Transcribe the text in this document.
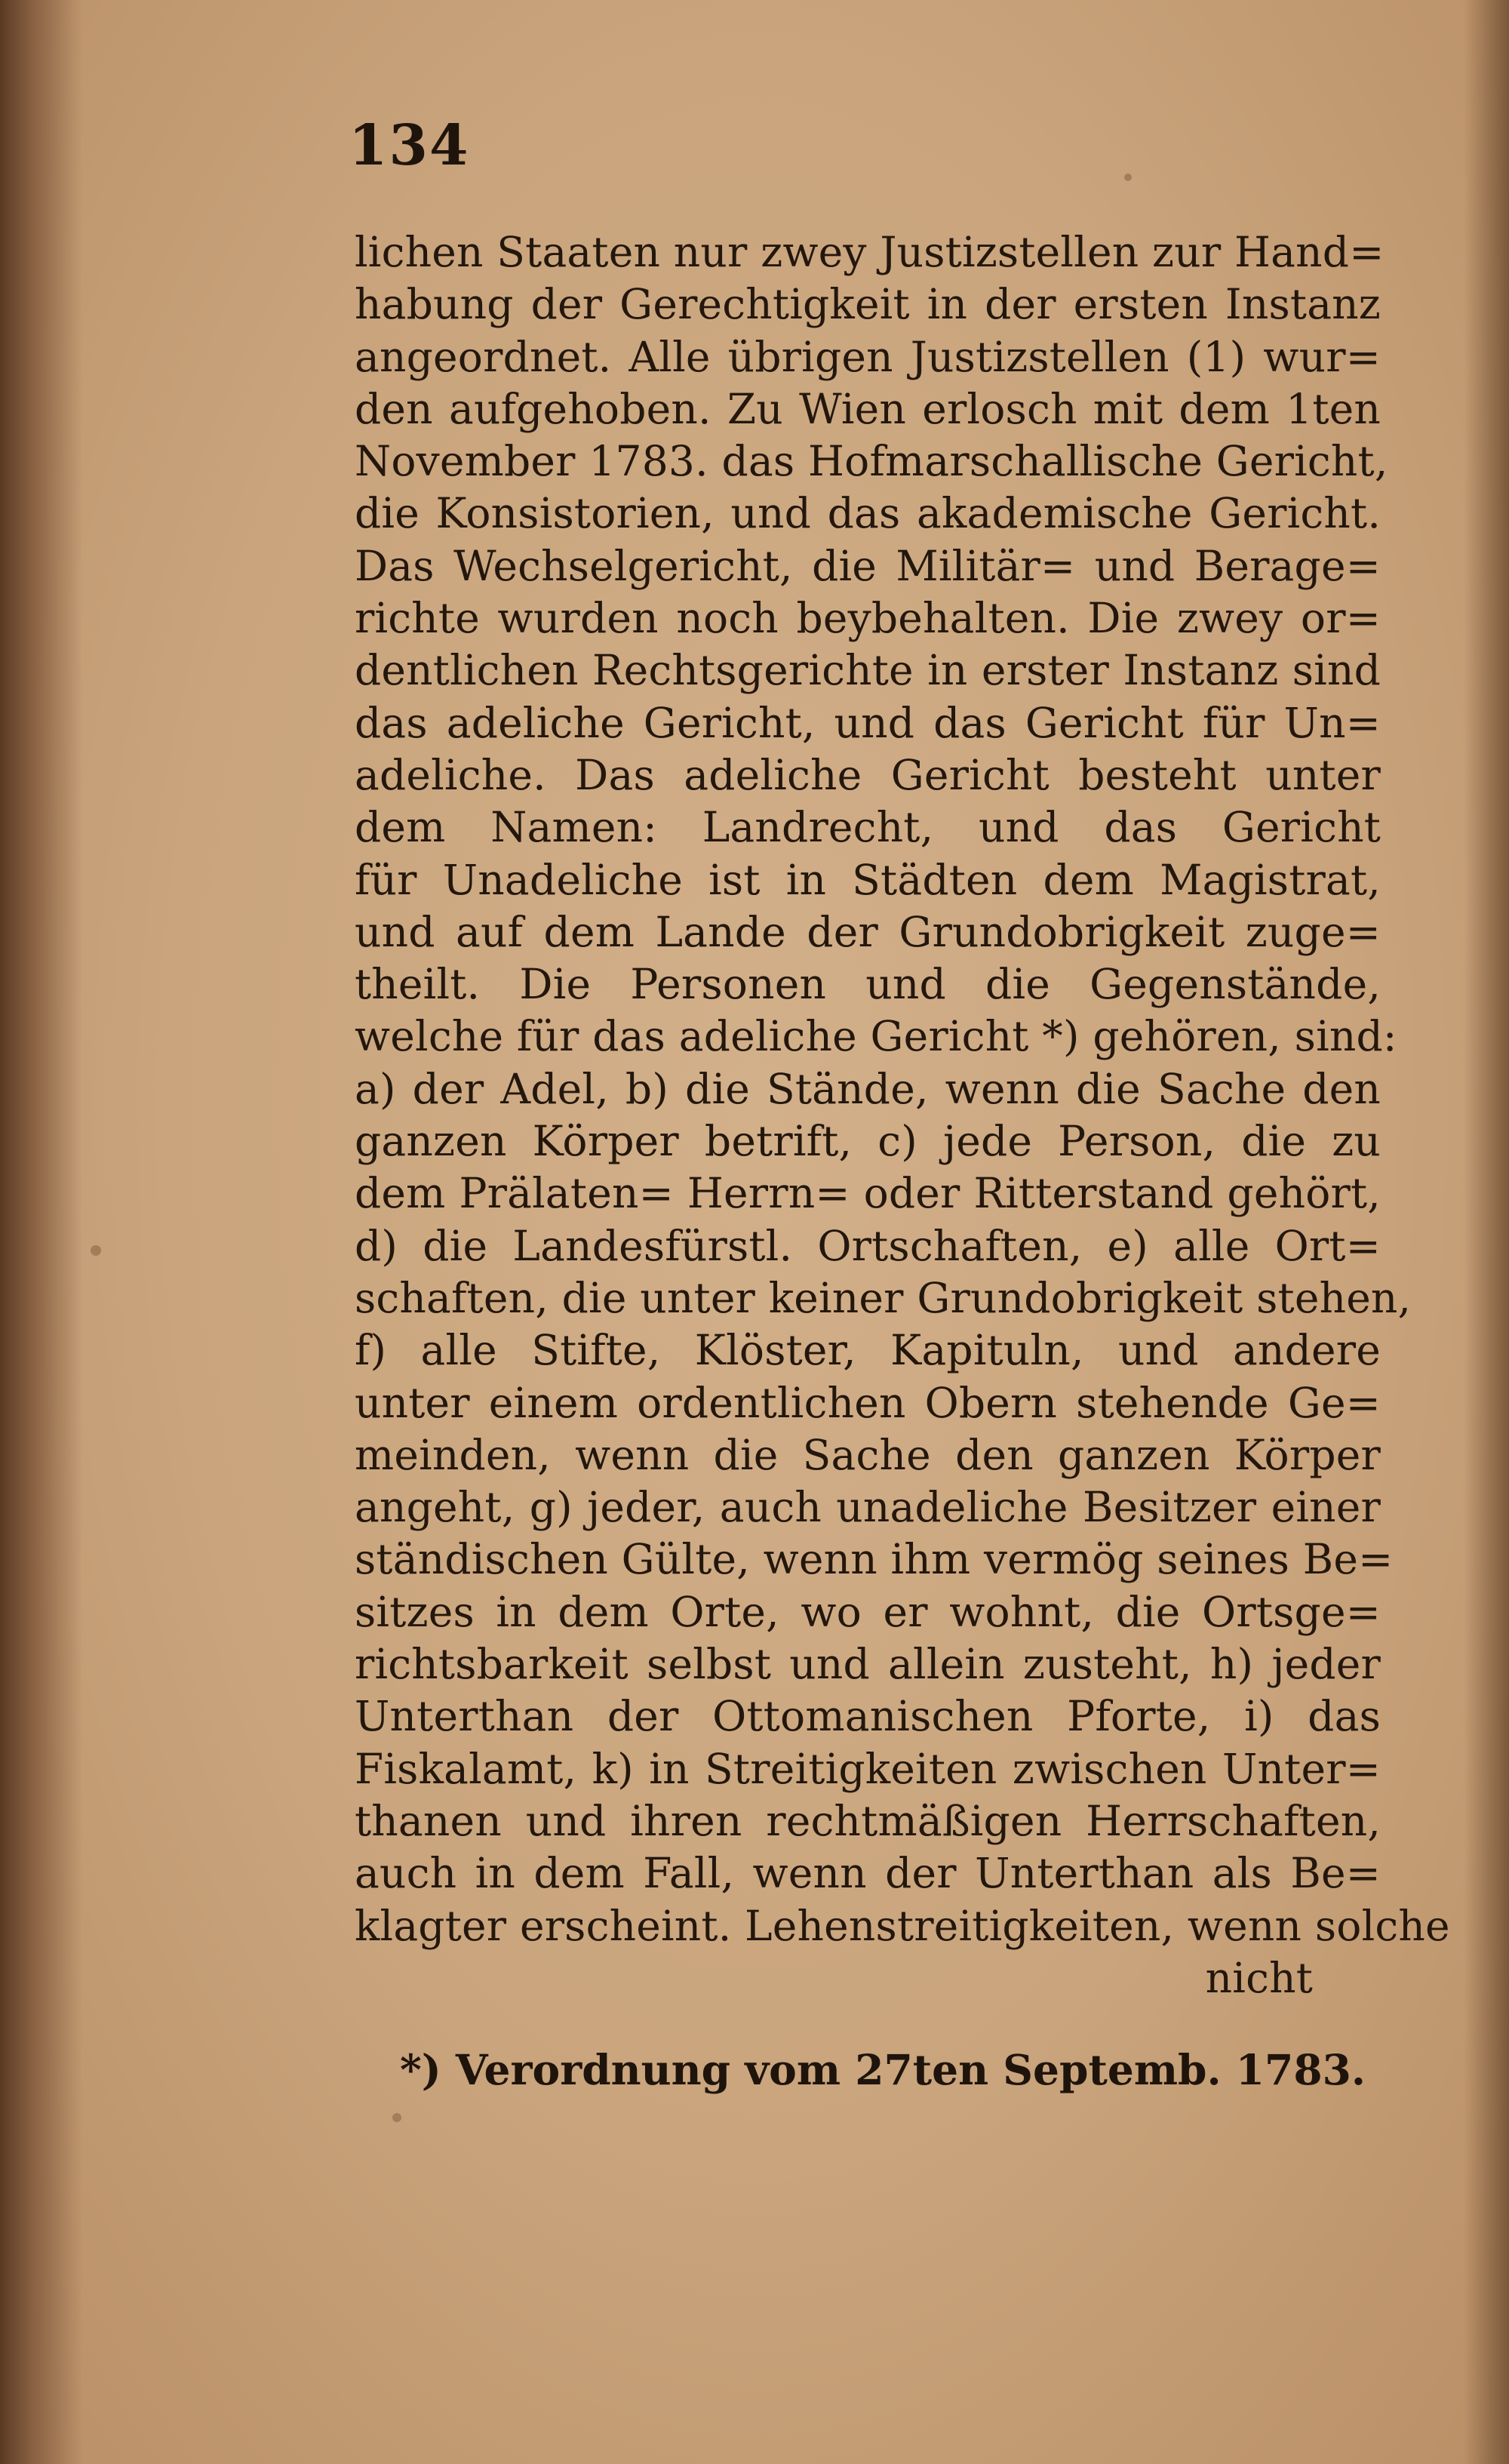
134
lichen Staaten nur zwey Justizstellen zur Hand=
habung der Gerechtigkeit in der ersten Instanz
angeordnet. Alle übrigen Justizstellen (1) wur=
den aufgehoben. Zu Wien erlosch mit dem 1ten
November 1783. das Hofmarschallische Gericht,
die Konsistorien, und das akademische Gericht.
Das Wechselgericht, die Militär= und Berage=
richte wurden noch beybehalten. Die zwey or=
dentlichen Rechtsgerichte in erster Instanz sind
das adeliche Gericht, und das Gericht für Un=
adeliche. Das adeliche Gericht besteht unter
dem Namen: Landrecht, und das Gericht
für Unadeliche ist in Städten dem Magistrat,
und auf dem Lande der Grundobrigkeit zuge=
theilt. Die Personen und die Gegenstände,
welche für das adeliche Gericht *) gehören, sind:
a) der Adel, b) die Stände, wenn die Sache den
ganzen Körper betrift, c) jede Person, die zu
dem Prälaten= Herrn= oder Ritterstand gehört,
d) die Landesfürstl. Ortschaften, e) alle Ort=
schaften, die unter keiner Grundobrigkeit stehen,
f) alle Stifte, Klöster, Kapituln, und andere
unter einem ordentlichen Obern stehende Ge=
meinden, wenn die Sache den ganzen Körper
angeht, g) jeder, auch unadeliche Besitzer einer
ständischen Gülte, wenn ihm vermög seines Be=
sitzes in dem Orte, wo er wohnt, die Ortsge=
richtsbarkeit selbst und allein zusteht, h) jeder
Unterthan der Ottomanischen Pforte, i) das
Fiskalamt, k) in Streitigkeiten zwischen Unter=
thanen und ihren rechtmäßigen Herrschaften,
auch in dem Fall, wenn der Unterthan als Be=
klagter erscheint. Lehenstreitigkeiten, wenn solche
nicht
*) Verordnung vom 27ten Septemb. 1783.
